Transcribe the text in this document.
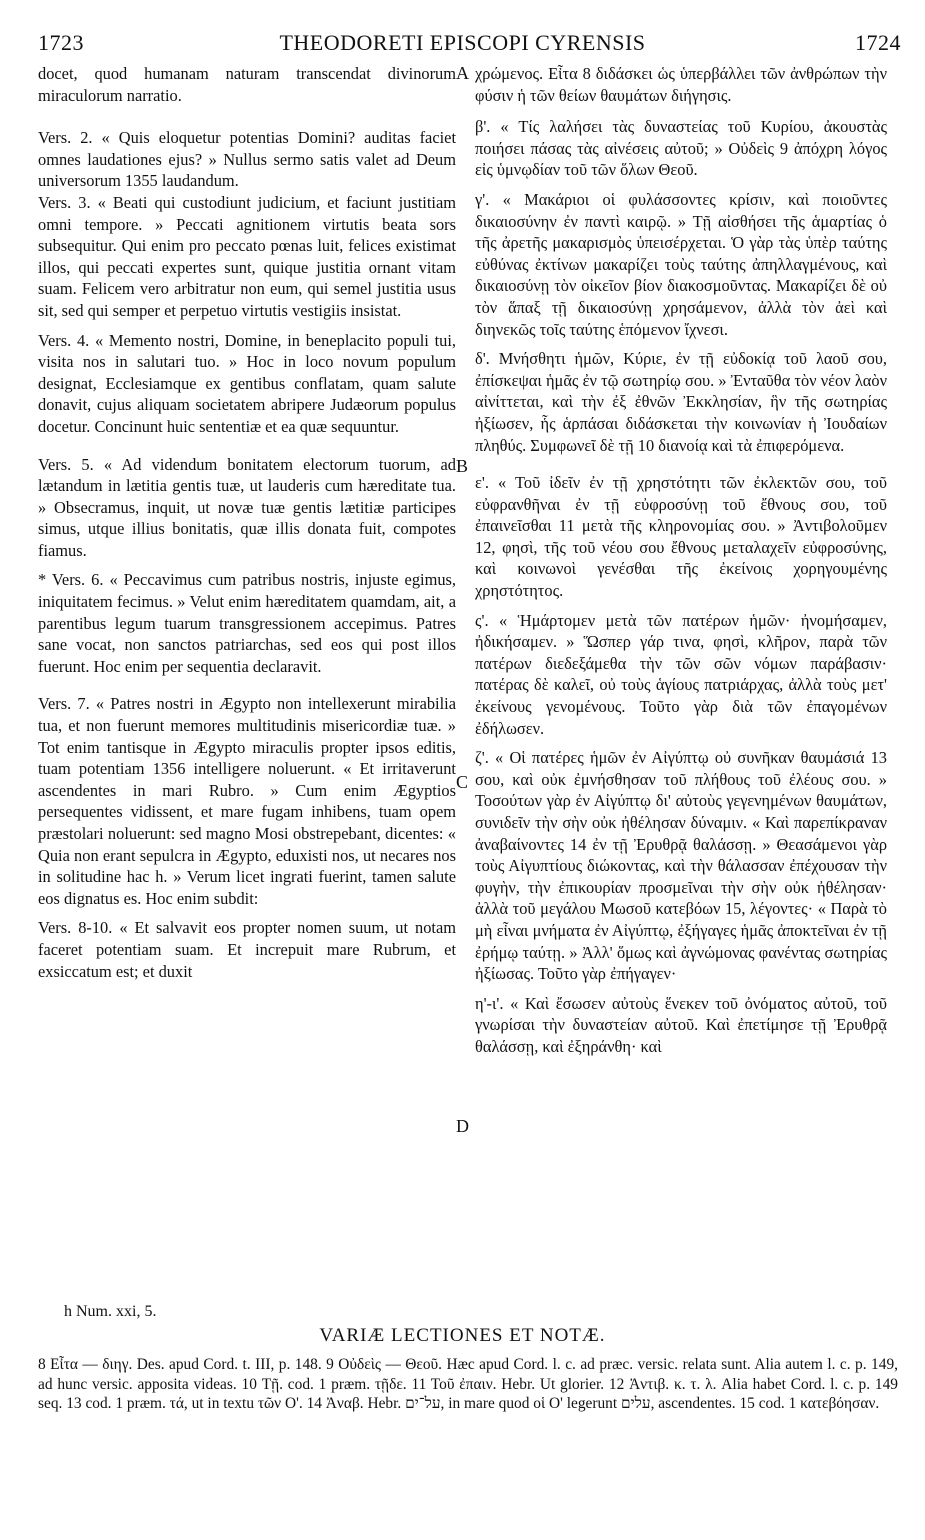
1723	THEODORETI EPISCOPI CYRENSIS	1724
A
B
C
D

docet, quod humanam naturam transcendat divinorum miraculorum narratio.

Vers. 2. « Quis eloquetur potentias Domini? auditas faciet omnes laudationes ejus? » Nullus sermo satis valet ad Deum universorum 1355 laudandum.

Vers. 3. « Beati qui custodiunt judicium, et faciunt justitiam omni tempore. » Peccati agnitionem virtutis beata sors subsequitur. Qui enim pro peccato pœnas luit, felices existimat illos, qui peccati expertes sunt, quique justitia ornant vitam suam. Felicem vero arbitratur non eum, qui semel justitia usus sit, sed qui semper et perpetuo virtutis vestigiis insistat.

Vers. 4. « Memento nostri, Domine, in beneplacito populi tui, visita nos in salutari tuo. » Hoc in loco novum populum designat, Ecclesiamque ex gentibus conflatam, quam salute donavit, cujus aliquam societatem abripere Judæorum populus docetur. Concinunt huic sententiæ et ea quæ sequuntur.

Vers. 5. « Ad videndum bonitatem electorum tuorum, ad lætandum in lætitia gentis tuæ, ut lauderis cum hæreditate tua. » Obsecramus, inquit, ut novæ tuæ gentis lætitiæ participes simus, utque illius bonitatis, quæ illis donata fuit, compotes fiamus.

* Vers. 6. « Peccavimus cum patribus nostris, injuste egimus, iniquitatem fecimus. » Velut enim hæreditatem quamdam, ait, a parentibus legum tuarum transgressionem accepimus. Patres sane vocat, non sanctos patriarchas, sed eos qui post illos fuerunt. Hoc enim per sequentia declaravit.

Vers. 7. « Patres nostri in Ægypto non intellexerunt mirabilia tua, et non fuerunt memores multitudinis misericordiæ tuæ. » Tot enim tantisque in Ægypto miraculis propter ipsos editis, tuam potentiam 1356 intelligere noluerunt. « Et irritaverunt ascendentes in mari Rubro. » Cum enim Ægyptios persequentes vidissent, et mare fugam inhibens, tuam opem præstolari noluerunt: sed magno Mosi obstrepebant, dicentes: « Quia non erant sepulcra in Ægypto, eduxisti nos, ut necares nos in solitudine hac h. » Verum licet ingrati fuerint, tamen salute eos dignatus es. Hoc enim subdit:

Vers. 8-10. « Et salvavit eos propter nomen suum, ut notam faceret potentiam suam. Et increpuit mare Rubrum, et exsiccatum est; et duxit

χρώμενος. Εἶτα 8 διδάσκει ὡς ὑπερβάλλει τῶν ἀνθρώπων τὴν φύσιν ἡ τῶν θείων θαυμάτων διήγησις.

β'. « Τίς λαλήσει τὰς δυναστείας τοῦ Κυρίου, ἀκουστὰς ποιήσει πάσας τὰς αἰνέσεις αὐτοῦ; » Οὐδεὶς 9 ἀπόχρη λόγος εἰς ὑμνῳδίαν τοῦ τῶν ὅλων Θεοῦ.

γ'. « Μακάριοι οἱ φυλάσσοντες κρίσιν, καὶ ποιοῦντες δικαιοσύνην ἐν παντὶ καιρῷ. » Τῇ αἰσθήσει τῆς ἁμαρτίας ὁ τῆς ἀρετῆς μακαρισμὸς ὑπεισέρχεται. Ὁ γὰρ τὰς ὑπὲρ ταύτης εὐθύνας ἐκτίνων μακαρίζει τοὺς ταύτης ἀπηλλαγμένους, καὶ δικαιοσύνῃ τὸν οἰκεῖον βίον διακοσμοῦντας. Μακαρίζει δὲ οὐ τὸν ἅπαξ τῇ δικαιοσύνῃ χρησάμενον, ἀλλὰ τὸν ἀεὶ καὶ διηνεκῶς τοῖς ταύτης ἑπόμενον ἴχνεσι.

δ'. Μνήσθητι ἡμῶν, Κύριε, ἐν τῇ εὐδοκίᾳ τοῦ λαοῦ σου, ἐπίσκεψαι ἡμᾶς ἐν τῷ σωτηρίῳ σου. » Ἐνταῦθα τὸν νέον λαὸν αἰνίττεται, καὶ τὴν ἐξ ἐθνῶν Ἐκκλησίαν, ἣν τῆς σωτηρίας ἠξίωσεν, ἧς ἁρπάσαι διδάσκεται τὴν κοινωνίαν ἡ Ἰουδαίων πληθύς. Συμφωνεῖ δὲ τῇ 10 διανοίᾳ καὶ τὰ ἐπιφερόμενα.

ε'. « Τοῦ ἰδεῖν ἐν τῇ χρηστότητι τῶν ἐκλεκτῶν σου, τοῦ εὐφρανθῆναι ἐν τῇ εὐφροσύνῃ τοῦ ἔθνους σου, τοῦ ἐπαινεῖσθαι 11 μετὰ τῆς κληρονομίας σου. » Ἀντιβολοῦμεν 12, φησὶ, τῆς τοῦ νέου σου ἔθνους μεταλαχεῖν εὐφροσύνης, καὶ κοινωνοὶ γενέσθαι τῆς ἐκείνοις χορηγουμένης χρηστότητος.

ς'. « Ἡμάρτομεν μετὰ τῶν πατέρων ἡμῶν· ἠνομήσαμεν, ἠδικήσαμεν. » Ὥσπερ γάρ τινα, φησὶ, κλῆρον, παρὰ τῶν πατέρων διεδεξάμεθα τὴν τῶν σῶν νόμων παράβασιν· πατέρας δὲ καλεῖ, οὐ τοὺς ἁγίους πατριάρχας, ἀλλὰ τοὺς μετ' ἐκείνους γενομένους. Τοῦτο γὰρ διὰ τῶν ἐπαγομένων ἐδήλωσεν.

ζ'. « Οἱ πατέρες ἡμῶν ἐν Αἰγύπτῳ οὐ συνῆκαν θαυμάσιά 13 σου, καὶ οὐκ ἐμνήσθησαν τοῦ πλήθους τοῦ ἐλέους σου. » Τοσούτων γὰρ ἐν Αἰγύπτῳ δι' αὐτοὺς γεγενημένων θαυμάτων, συνιδεῖν τὴν σὴν οὐκ ἠθέλησαν δύναμιν. « Καὶ παρεπίκραναν ἀναβαίνοντες 14 ἐν τῇ Ἐρυθρᾷ θαλάσσῃ. » Θεασάμενοι γὰρ τοὺς Αἰγυπτίους διώκοντας, καὶ τὴν θάλασσαν ἐπέχουσαν τὴν φυγὴν, τὴν ἐπικουρίαν προσμεῖναι τὴν σὴν οὐκ ἠθέλησαν· ἀλλὰ τοῦ μεγάλου Μωσοῦ κατεβόων 15, λέγοντες· « Παρὰ τὸ μὴ εἶναι μνήματα ἐν Αἰγύπτῳ, ἐξήγαγες ἡμᾶς ἀποκτεῖναι ἐν τῇ ἐρήμῳ ταύτῃ. » Ἀλλ' ὅμως καὶ ἀγνώμονας φανέντας σωτηρίας ἠξίωσας. Τοῦτο γὰρ ἐπήγαγεν·

η'-ι'. « Καὶ ἔσωσεν αὐτοὺς ἕνεκεν τοῦ ὀνόματος αὐτοῦ, τοῦ γνωρίσαι τὴν δυναστείαν αὐτοῦ. Καὶ ἐπετίμησε τῇ Ἐρυθρᾷ θαλάσσῃ, καὶ ἐξηράνθη· καὶ

h Num. xxi, 5.
VARIÆ LECTIONES ET NOTÆ.
8 Εἶτα — διηγ. Des. apud Cord. t. III, p. 148. 9 Οὐδεὶς — Θεοῦ. Hæc apud Cord. l. c. ad præc. versic. relata sunt. Alia autem l. c. p. 149, ad hunc versic. apposita videas. 10 Τῇ. cod. 1 præm. τῇδε. 11 Τοῦ ἐπαιν. Hebr. Ut glorier. 12 Ἀντιβ. κ. τ. λ. Alia habet Cord. l. c. p. 149 seq. 13 cod. 1 præm. τά, ut in textu τῶν Ο'. 14 Ἀναβ. Hebr. על־ים, in mare quod οἱ Ο' legerunt עלים, ascendentes. 15 cod. 1 κατεβόησαν.
